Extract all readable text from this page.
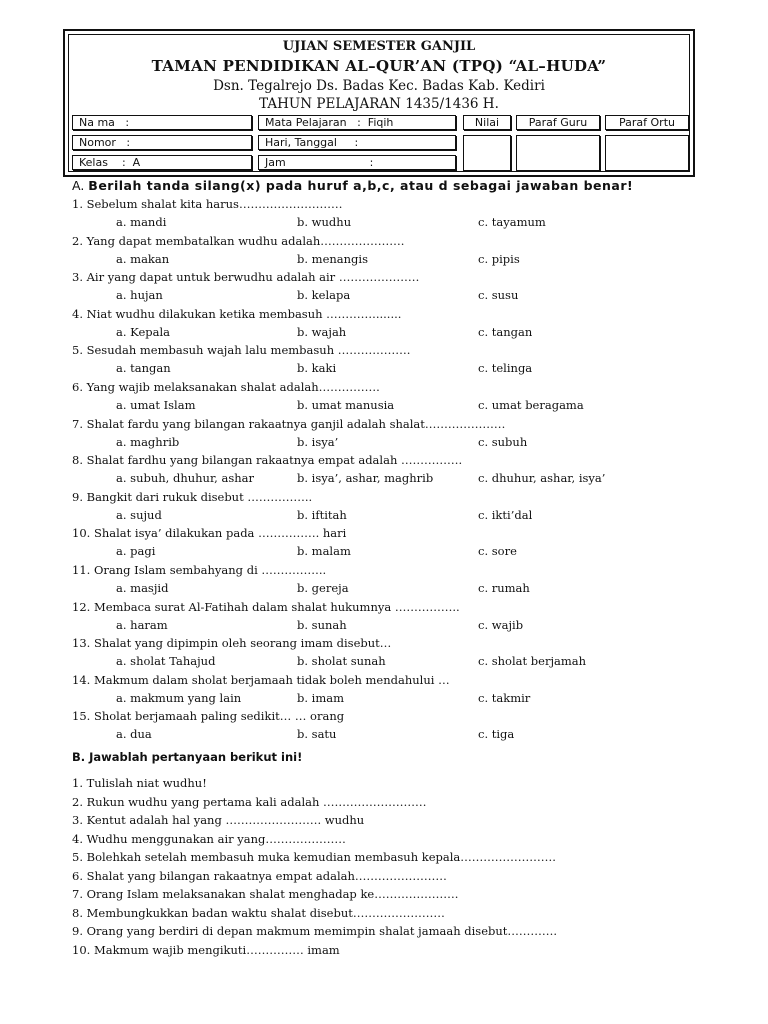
UJIAN SEMESTER GANJIL
TAMAN PENDIDIKAN AL–QUR’AN (TPQ) “AL–HUDA”
Dsn. Tegalrejo Ds. Badas Kec. Badas Kab. Kediri
TAHUN PELAJARAN 1435/1436 H.
Na ma   :
Nomor   :
Kelas    :  A
Mata Pelajaran   :  Fiqih
Hari, Tanggal     :
Jam                        :
Nilai	Paraf Guru	Paraf Ortu
A. Berilah tanda silang(x) pada huruf a,b,c, atau d sebagai jawaban benar!
1. Sebelum shalat kita harus………………………
a. mandi	b. wudhu	c. tayamum
2. Yang dapat membatalkan wudhu adalah………………….
a. makan	b. menangis	c. pipis
3. Air yang dapat untuk berwudhu adalah air …………………
a. hujan	b. kelapa	c. susu
4. Niat wudhu dilakukan ketika membasuh …………........
a. Kepala	b. wajah	c. tangan
5. Sesudah membasuh wajah lalu membasuh ……………….
a. tangan	b. kaki	c. telinga
6. Yang wajib melaksanakan shalat adalah…………….
a. umat Islam	b. umat manusia	c. umat beragama
7. Shalat fardu yang bilangan rakaatnya ganjil adalah shalat…………………
a. maghrib	b. isya’	c. subuh
8. Shalat fardhu yang bilangan rakaatnya empat adalah …………….
a. subuh, dhuhur, ashar	b. isya’, ashar, maghrib	c. dhuhur, ashar, isya’
9. Bangkit dari rukuk disebut ……………..
a. sujud	b. iftitah	c. ikti’dal
10. Shalat isya’ dilakukan pada ……………. hari
a. pagi	b. malam	c. sore
11. Orang Islam sembahyang di ……………..
a. masjid	b. gereja	c. rumah
12. Membaca surat Al-Fatihah dalam shalat hukumnya ……………..
a. haram	b. sunah	c. wajib
13. Shalat yang dipimpin oleh seorang imam disebut…
a. sholat Tahajud	b. sholat sunah	c. sholat berjamah
14. Makmum dalam sholat berjamaah tidak boleh mendahului …
a. makmum yang lain	b. imam	c. takmir
15. Sholat berjamaah paling sedikit… … orang
a. dua	b. satu	c. tiga
B. Jawablah pertanyaan berikut ini!
1. Tulislah niat wudhu!
2. Rukun wudhu yang pertama kali adalah ………………………
3. Kentut adalah hal yang ……………………. wudhu
4. Wudhu menggunakan air yang…………………
5. Bolehkah setelah membasuh muka kemudian membasuh kepala…………………….
6. Shalat yang bilangan rakaatnya empat adalah……………………
7. Orang Islam melaksanakan shalat menghadap ke………………….
8. Membungkukkan badan waktu shalat disebut……………………
9. Orang yang berdiri di depan makmum memimpin shalat jamaah disebut………….
10. Makmum wajib mengikuti…………… imam
